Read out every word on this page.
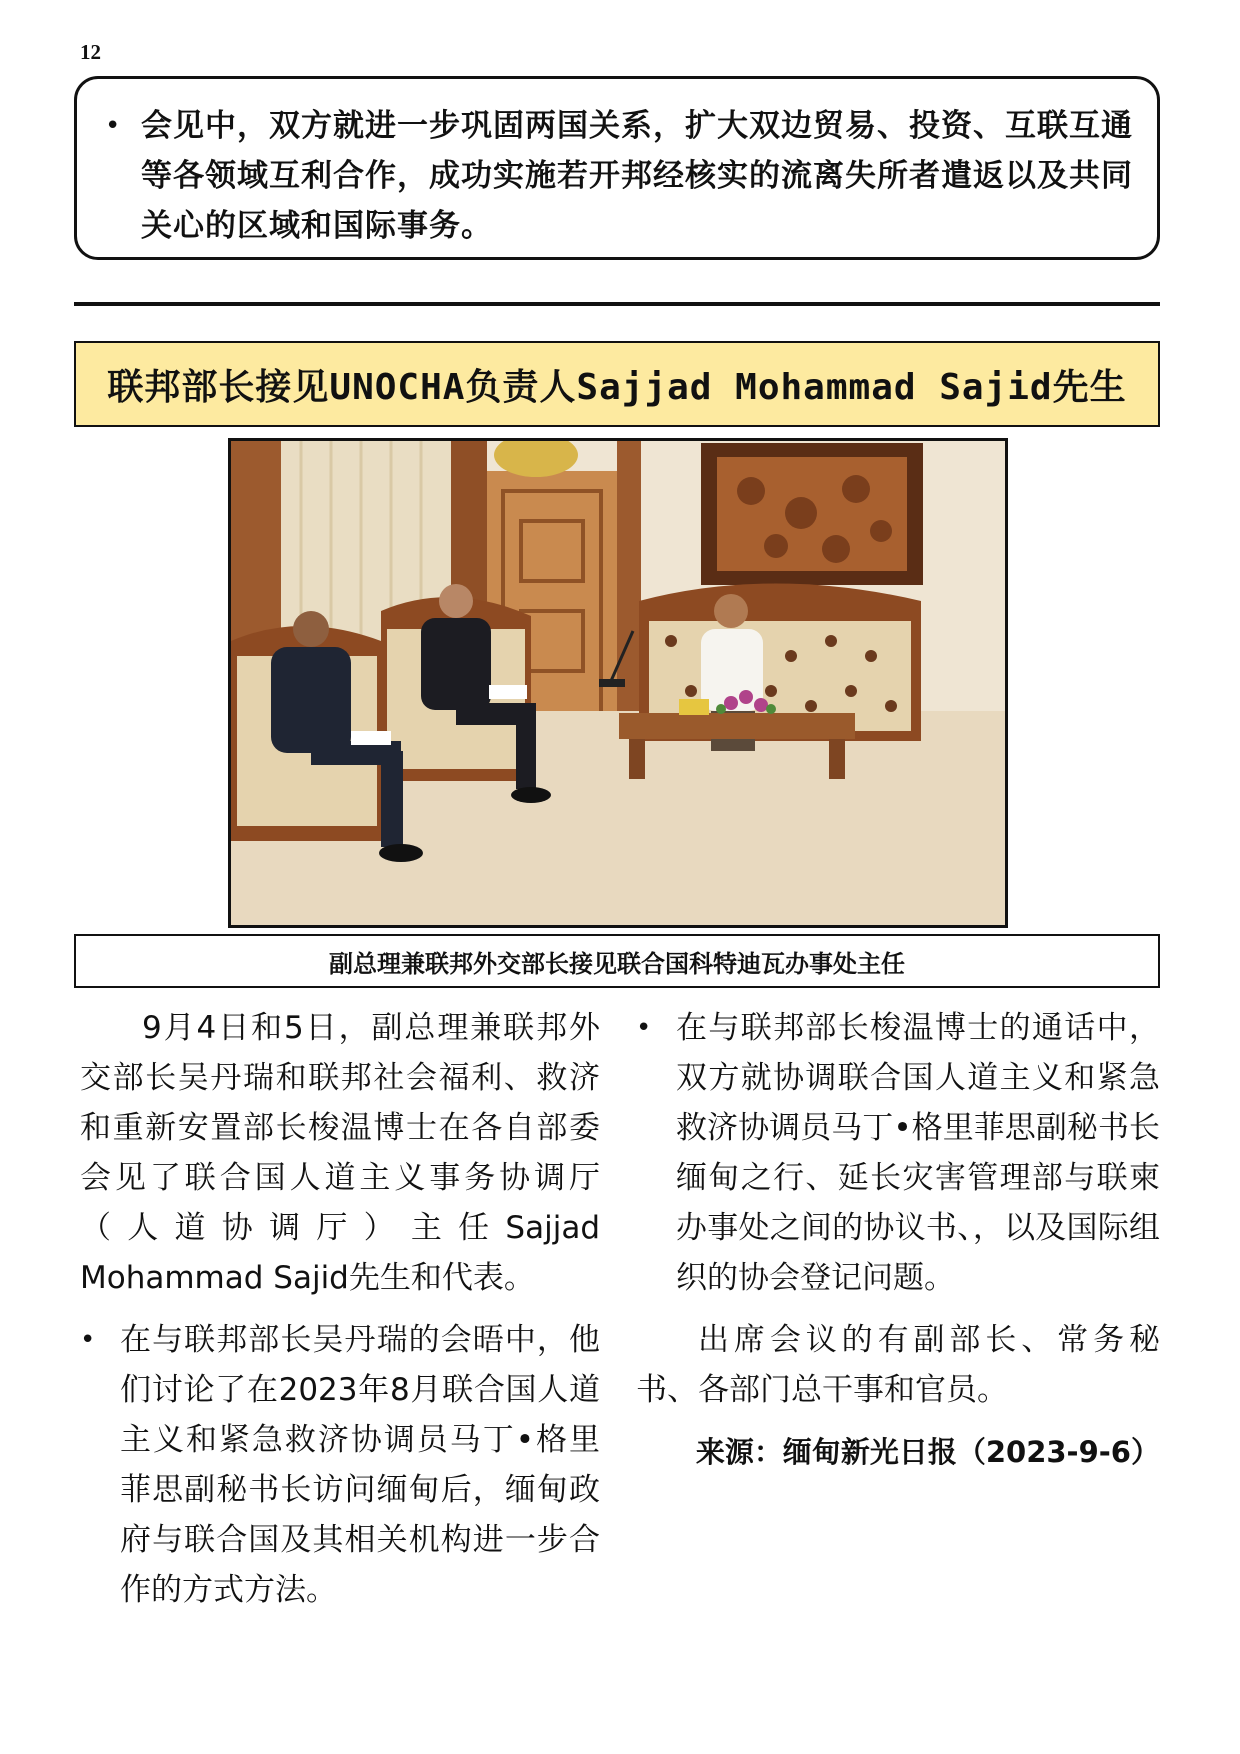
12
• 会见中，双方就进一步巩固两国关系，扩大双边贸易、投资、互联互通等各领域互利合作，成功实施若开邦经核实的流离失所者遣返以及共同关心的区域和国际事务。
联邦部长接见UNOCHA负责人Sajjad Mohammad Sajid先生
副总理兼联邦外交部长接见联合国科特迪瓦办事处主任

9月4日和5日，副总理兼联邦外交部长吴丹瑞和联邦社会福利、救济和重新安置部长梭温博士在各自部委会见了联合国人道主义事务协调厅（人道协调厅）主任Sajjad Mohammad Sajid先生和代表。

• 在与联邦部长吴丹瑞的会晤中，他们讨论了在2023年8月联合国人道主义和紧急救济协调员马丁•格里菲思副秘书长访问缅甸后，缅甸政府与联合国及其相关机构进一步合作的方式方法。
• 在与联邦部长梭温博士的通话中，双方就协调联合国人道主义和紧急救济协调员马丁•格里菲思副秘书长缅甸之行、延长灾害管理部与联柬办事处之间的协议书、，以及国际组织的协会登记问题。

出席会议的有副部长、常务秘书、各部门总干事和官员。

来源：缅甸新光日报（2023-9-6）
